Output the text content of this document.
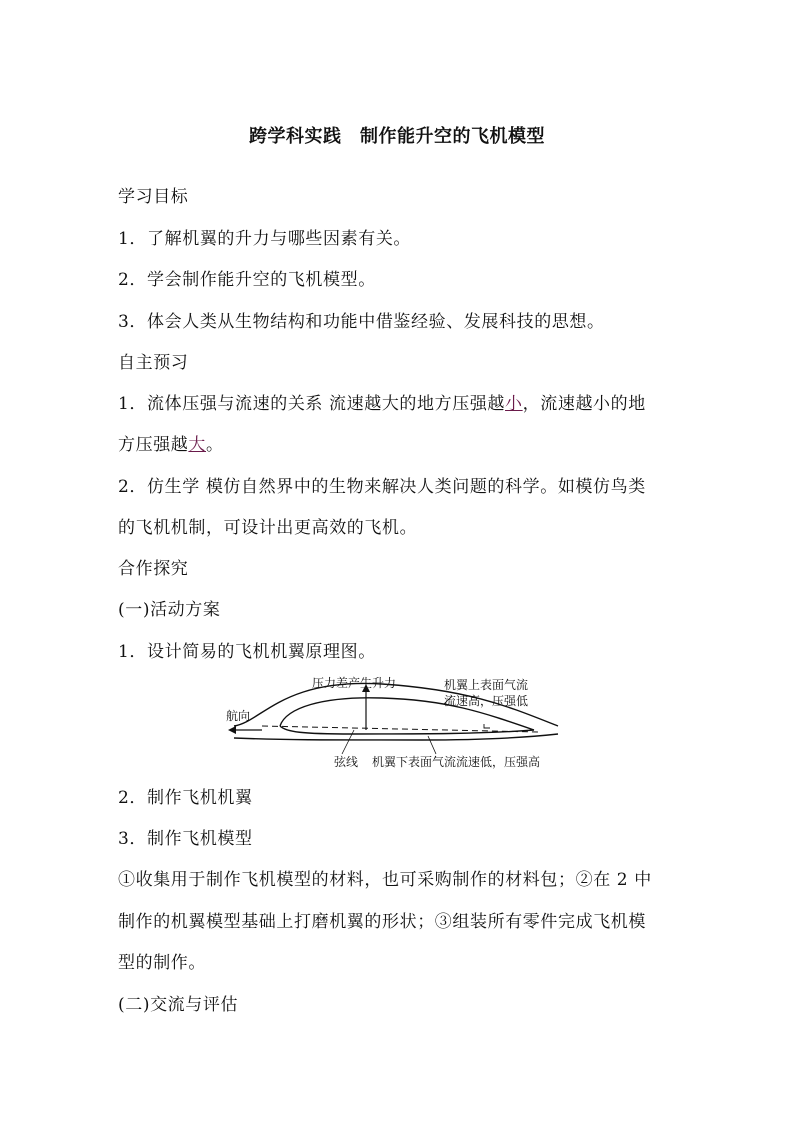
跨学科实践　制作能升空的飞机模型
学习目标
1．了解机翼的升力与哪些因素有关。
2．学会制作能升空的飞机模型。
3．体会人类从生物结构和功能中借鉴经验、发展科技的思想。
自主预习
1．流体压强与流速的关系 流速越大的地方压强越小，流速越小的地
方压强越大。
2．仿生学 模仿自然界中的生物来解决人类问题的科学。如模仿鸟类
的飞机机制，可设计出更高效的飞机。
合作探究
(一)活动方案
1．设计简易的飞机机翼原理图。
压力差产生升力	机翼上表面气流
流速高，压强低
航向
弦线 机翼下表面气流流速低，压强高
2．制作飞机机翼
3．制作飞机模型
①收集用于制作飞机模型的材料，也可采购制作的材料包；②在 2 中
制作的机翼模型基础上打磨机翼的形状；③组装所有零件完成飞机模
型的制作。
(二)交流与评估
